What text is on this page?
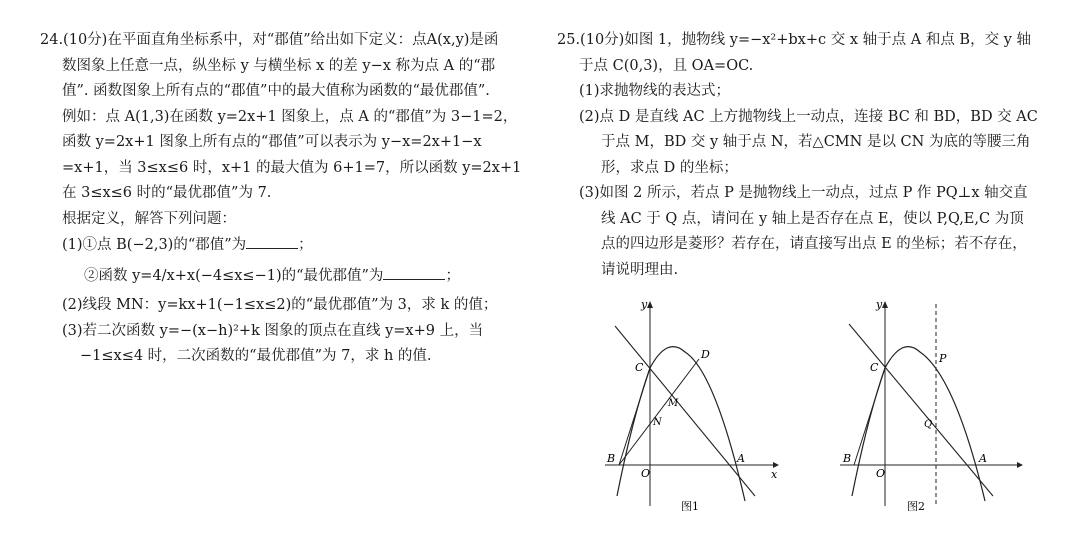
24.(10分)在平面直角坐标系中，对“郡值”给出如下定义：点A(x,y)是函
数图象上任意一点，纵坐标 y 与横坐标 x 的差 y−x 称为点 A 的“郡
值”. 函数图象上所有点的“郡值”中的最大值称为函数的“最优郡值”.
例如：点 A(1,3)在函数 y=2x+1 图象上，点 A 的“郡值”为 3−1=2，
函数 y=2x+1 图象上所有点的“郡值”可以表示为 y−x=2x+1−x
=x+1，当 3≤x≤6 时，x+1 的最大值为 6+1=7，所以函数 y=2x+1
在 3≤x≤6 时的“最优郡值”为 7.
根据定义，解答下列问题：
(1)①点 B(−2,3)的“郡值”为	；
②函数 y=4/x+x(−4≤x≤−1)的“最优郡值”为	；
(2)线段 MN：y=kx+1(−1≤x≤2)的“最优郡值”为 3，求 k 的值；
(3)若二次函数 y=−(x−h)²+k 图象的顶点在直线 y=x+9 上，当
−1≤x≤4 时，二次函数的“最优郡值”为 7，求 h 的值.
25.(10分)如图 1，抛物线 y=−x²+bx+c 交 x 轴于点 A 和点 B，交 y 轴
于点 C(0,3)，且 OA=OC.
(1)求抛物线的表达式；
(2)点 D 是直线 AC 上方抛物线上一动点，连接 BC 和 BD，BD 交 AC
于点 M，BD 交 y 轴于点 N，若△CMN 是以 CN 为底的等腰三角
形，求点 D 的坐标；
(3)如图 2 所示，若点 P 是抛物线上一动点，过点 P 作 PQ⊥x 轴交直
线 AC 于 Q 点，请问在 y 轴上是否存在点 E，使以 P,Q,E,C 为顶
点的四边形是菱形？若存在，请直接写出点 E 的坐标；若不存在，
请说明理由.
y
x
C
D
M
N
B
O
A
图1
y
C
P
Q
B
O
A
图2
